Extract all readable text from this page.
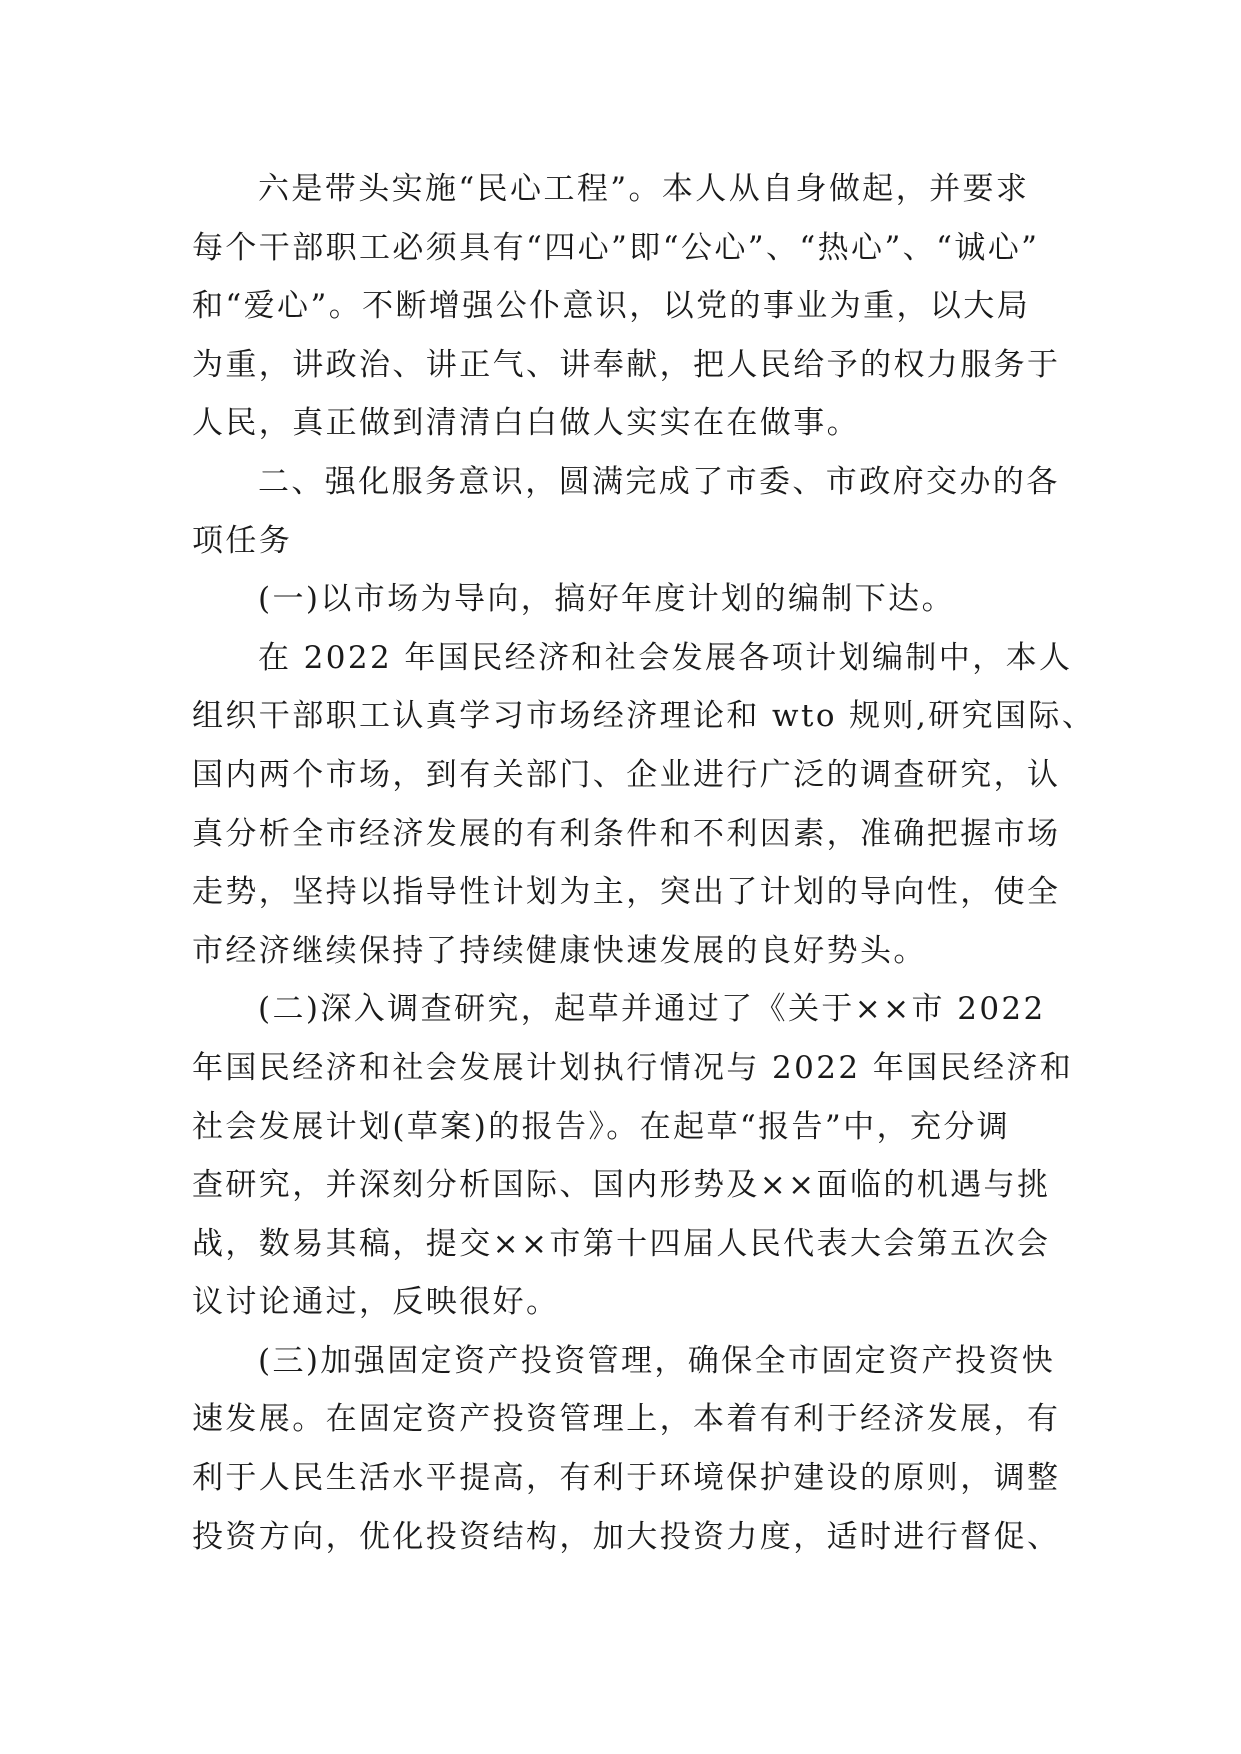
六是带头实施“民心工程”。本人从自身做起，并要求
每个干部职工必须具有“四心”即“公心”、“热心”、“诚心”
和“爱心”。不断增强公仆意识，以党的事业为重，以大局
为重，讲政治、讲正气、讲奉献，把人民给予的权力服务于
人民，真正做到清清白白做人实实在在做事。
二、强化服务意识，圆满完成了市委、市政府交办的各
项任务
(一)以市场为导向，搞好年度计划的编制下达。
在 2022 年国民经济和社会发展各项计划编制中，本人
组织干部职工认真学习市场经济理论和 wto 规则,研究国际、
国内两个市场，到有关部门、企业进行广泛的调查研究，认
真分析全市经济发展的有利条件和不利因素，准确把握市场
走势，坚持以指导性计划为主，突出了计划的导向性，使全
市经济继续保持了持续健康快速发展的良好势头。
(二)深入调查研究，起草并通过了《关于××市 2022
年国民经济和社会发展计划执行情况与 2022 年国民经济和
社会发展计划(草案)的报告》。在起草“报告”中，充分调
查研究，并深刻分析国际、国内形势及××面临的机遇与挑
战，数易其稿，提交××市第十四届人民代表大会第五次会
议讨论通过，反映很好。
(三)加强固定资产投资管理，确保全市固定资产投资快
速发展。在固定资产投资管理上，本着有利于经济发展，有
利于人民生活水平提高，有利于环境保护建设的原则，调整
投资方向，优化投资结构，加大投资力度，适时进行督促、
